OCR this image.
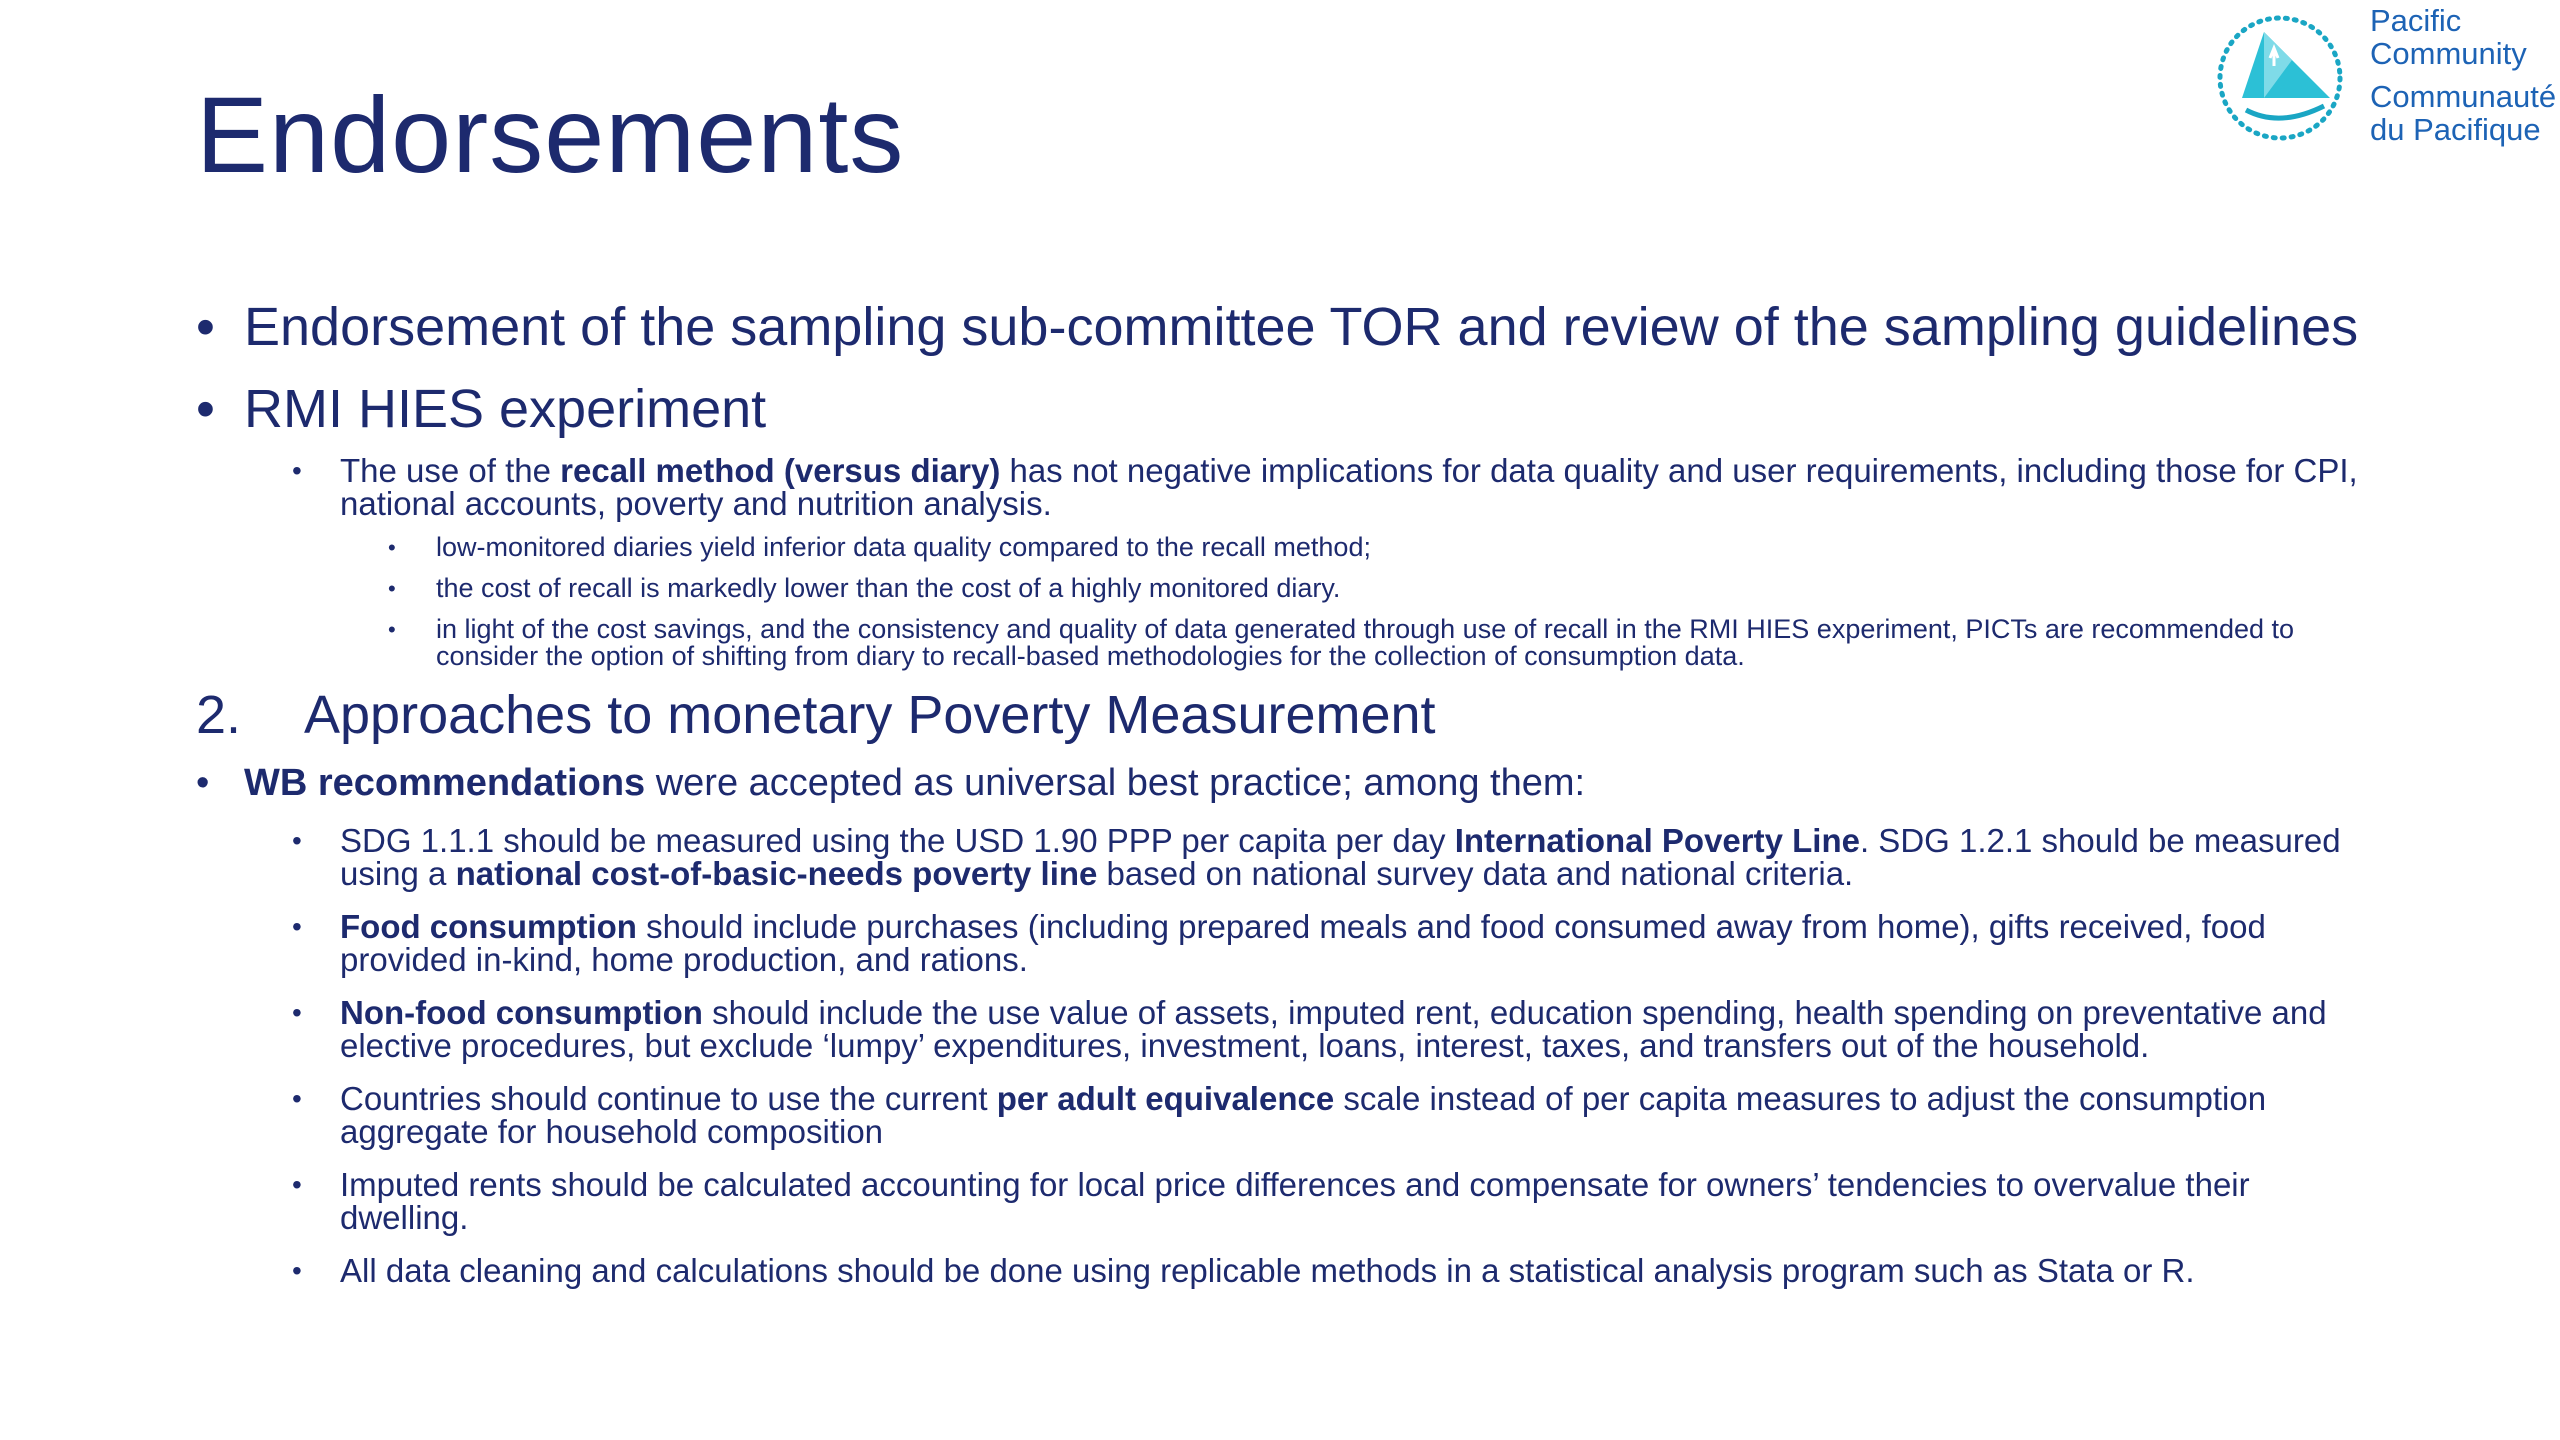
Endorsements
Pacific
Community
Communauté
du Pacifique
• Endorsement of the sampling sub-committee TOR and review of the sampling guidelines
• RMI HIES experiment
• The use of the recall method (versus diary) has not negative implications for data quality and user requirements, including those for CPI, national accounts, poverty and nutrition analysis.
• low-monitored diaries yield inferior data quality compared to the recall method;
• the cost of recall is markedly lower than the cost of a highly monitored diary.
• in light of the cost savings, and the consistency and quality of data generated through use of recall in the RMI HIES experiment, PICTs are recommended to consider the option of shifting from diary to recall-based methodologies for the collection of consumption data.
2. Approaches to monetary Poverty Measurement
• WB recommendations were accepted as universal best practice; among them:
• SDG 1.1.1 should be measured using the USD 1.90 PPP per capita per day International Poverty Line. SDG 1.2.1 should be measured using a national cost-of-basic-needs poverty line based on national survey data and national criteria.
• Food consumption should include purchases (including prepared meals and food consumed away from home), gifts received, food provided in-kind, home production, and rations.
• Non-food consumption should include the use value of assets, imputed rent, education spending, health spending on preventative and elective procedures, but exclude ‘lumpy’ expenditures, investment, loans, interest, taxes, and transfers out of the household.
• Countries should continue to use the current per adult equivalence scale instead of per capita measures to adjust the consumption aggregate for household composition
• Imputed rents should be calculated accounting for local price differences and compensate for owners’ tendencies to overvalue their dwelling.
• All data cleaning and calculations should be done using replicable methods in a statistical analysis program such as Stata or R.
